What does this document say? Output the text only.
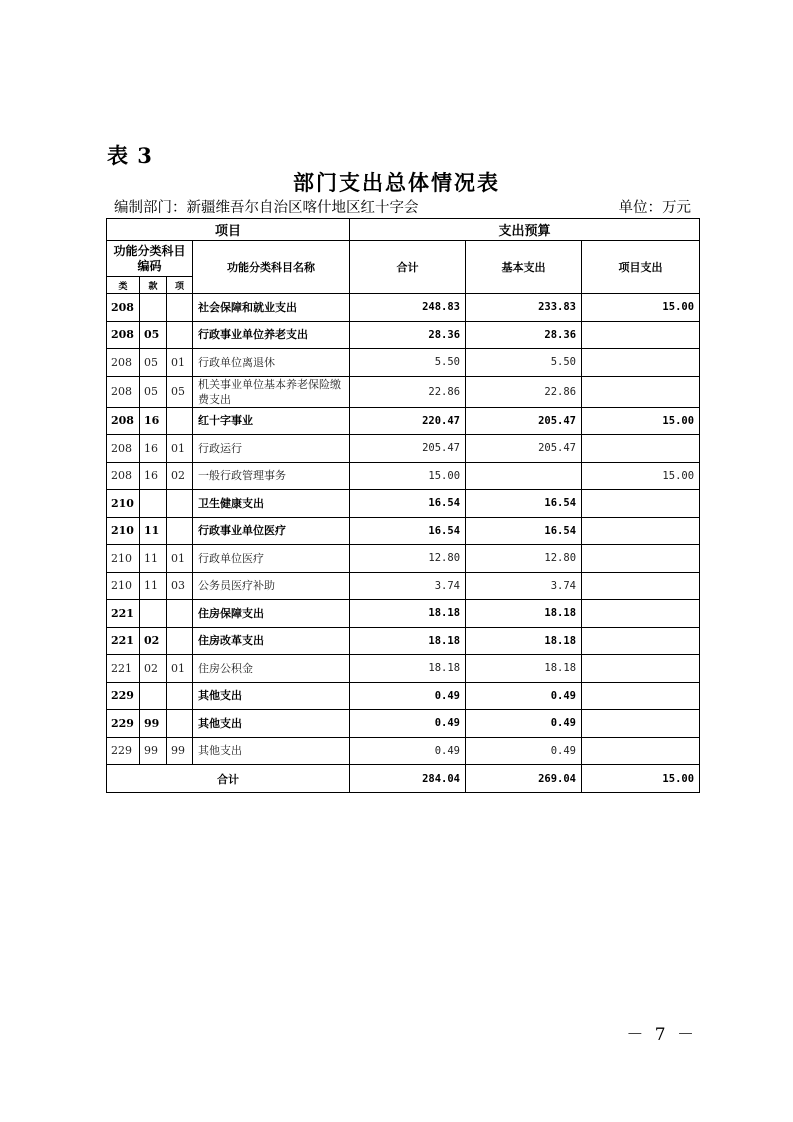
表 3
部门支出总体情况表
编制部门：新疆维吾尔自治区喀什地区红十字会	单位：万元
项目				支出预算		
功能分类科目编码			功能分类科目名称	合计	基本支出	项目支出
类	款	项				
208			社会保障和就业支出	248.83	233.83	15.00
208	05		行政事业单位养老支出	28.36	28.36	
208	05	01	行政单位离退休	5.50	5.50	
208	05	05	机关事业单位基本养老保险缴费支出	22.86	22.86	
208	16		红十字事业	220.47	205.47	15.00
208	16	01	行政运行	205.47	205.47	
208	16	02	一般行政管理事务	15.00		15.00
210			卫生健康支出	16.54	16.54	
210	11		行政事业单位医疗	16.54	16.54	
210	11	01	行政单位医疗	12.80	12.80	
210	11	03	公务员医疗补助	3.74	3.74	
221			住房保障支出	18.18	18.18	
221	02		住房改革支出	18.18	18.18	
221	02	01	住房公积金	18.18	18.18	
229			其他支出	0.49	0.49	
229	99		其他支出	0.49	0.49	
229	99	99	其他支出	0.49	0.49	
合计				284.04	269.04	15.00
－ 7 －
